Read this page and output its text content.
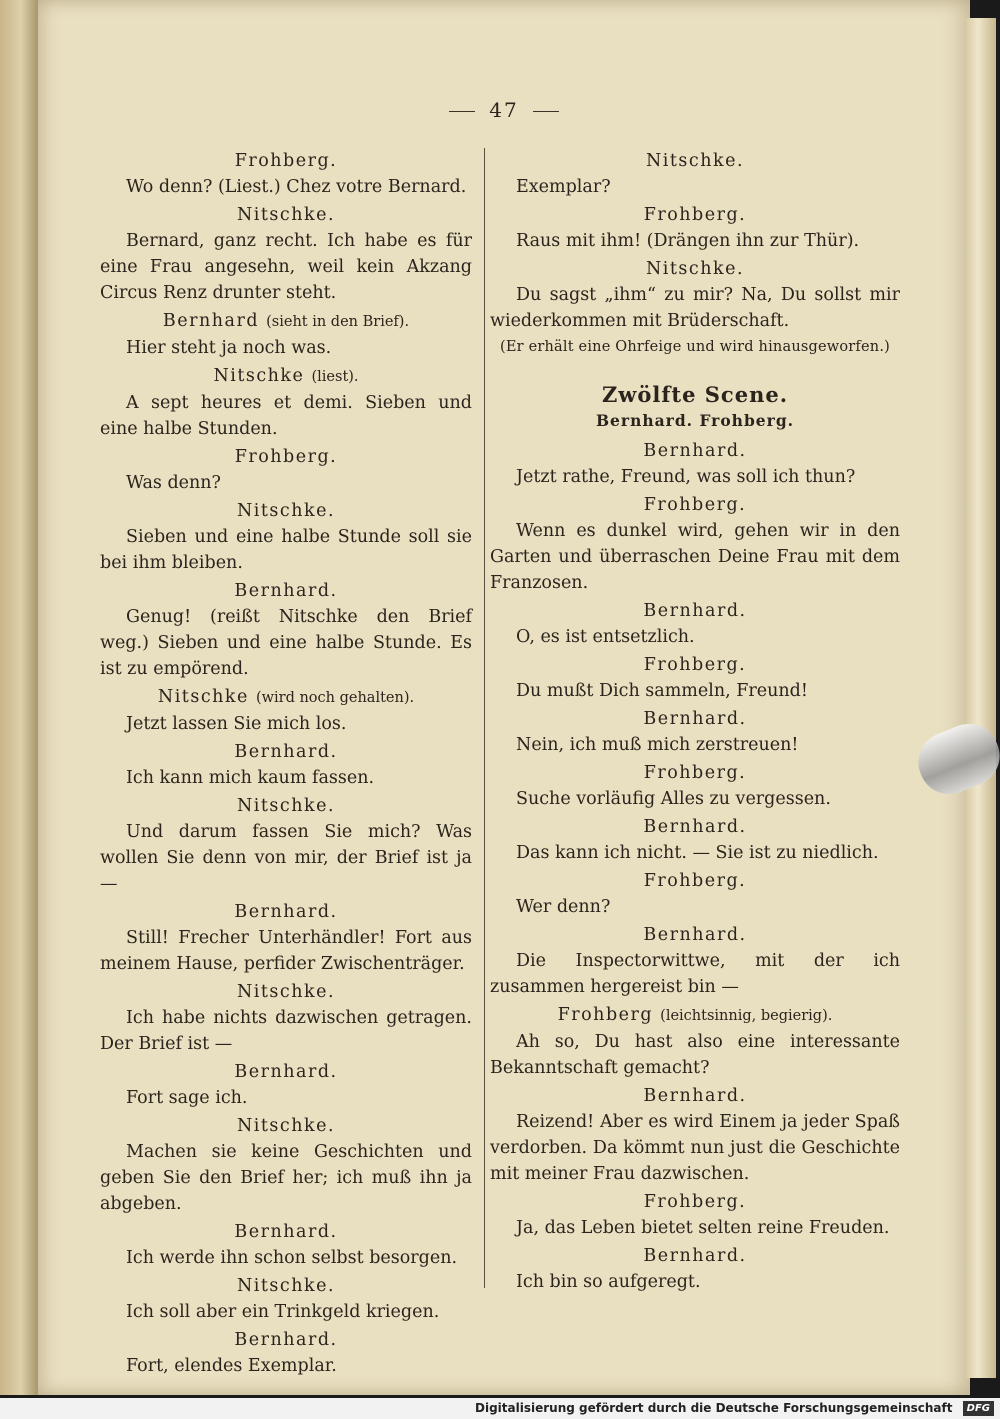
47
Frohberg.
Wo denn? (Liest.) Chez votre Bernard.
Nitschke.
Bernard, ganz recht. Ich habe es für eine Frau angesehn, weil kein Akzang Circus Renz drunter steht.
Bernhard (sieht in den Brief).
Hier steht ja noch was.
Nitschke (liest).
A sept heures et demi. Sieben und eine halbe Stunden.
Frohberg.
Was denn?
Nitschke.
Sieben und eine halbe Stunde soll sie bei ihm bleiben.
Bernhard.
Genug! (reißt Nitschke den Brief weg.) Sieben und eine halbe Stunde. Es ist zu empörend.
Nitschke (wird noch gehalten).
Jetzt lassen Sie mich los.
Bernhard.
Ich kann mich kaum fassen.
Nitschke.
Und darum fassen Sie mich? Was wollen Sie denn von mir, der Brief ist ja —
Bernhard.
Still! Frecher Unterhändler! Fort aus meinem Hause, perfider Zwischenträger.
Nitschke.
Ich habe nichts dazwischen getragen. Der Brief ist —
Bernhard.
Fort sage ich.
Nitschke.
Machen sie keine Geschichten und geben Sie den Brief her; ich muß ihn ja abgeben.
Bernhard.
Ich werde ihn schon selbst besorgen.
Nitschke.
Ich soll aber ein Trinkgeld kriegen.
Bernhard.
Fort, elendes Exemplar.
Nitschke.
Exemplar?
Frohberg.
Raus mit ihm! (Drängen ihn zur Thür).
Nitschke.
Du sagst „ihm“ zu mir? Na, Du sollst mir wiederkommen mit Brüderschaft.
(Er erhält eine Ohrfeige und wird hinausgeworfen.)
Zwölfte Scene.
Bernhard. Frohberg.
Bernhard.
Jetzt rathe, Freund, was soll ich thun?
Frohberg.
Wenn es dunkel wird, gehen wir in den Garten und überraschen Deine Frau mit dem Franzosen.
Bernhard.
O, es ist entsetzlich.
Frohberg.
Du mußt Dich sammeln, Freund!
Bernhard.
Nein, ich muß mich zerstreuen!
Frohberg.
Suche vorläufig Alles zu vergessen.
Bernhard.
Das kann ich nicht. — Sie ist zu niedlich.
Frohberg.
Wer denn?
Bernhard.
Die Inspectorwittwe, mit der ich zusammen hergereist bin —
Frohberg (leichtsinnig, begierig).
Ah so, Du hast also eine interessante Bekanntschaft gemacht?
Bernhard.
Reizend! Aber es wird Einem ja jeder Spaß verdorben. Da kömmt nun just die Geschichte mit meiner Frau dazwischen.
Frohberg.
Ja, das Leben bietet selten reine Freuden.
Bernhard.
Ich bin so aufgeregt.
Digitalisierung gefördert durch die Deutsche Forschungsgemeinschaft DFG
